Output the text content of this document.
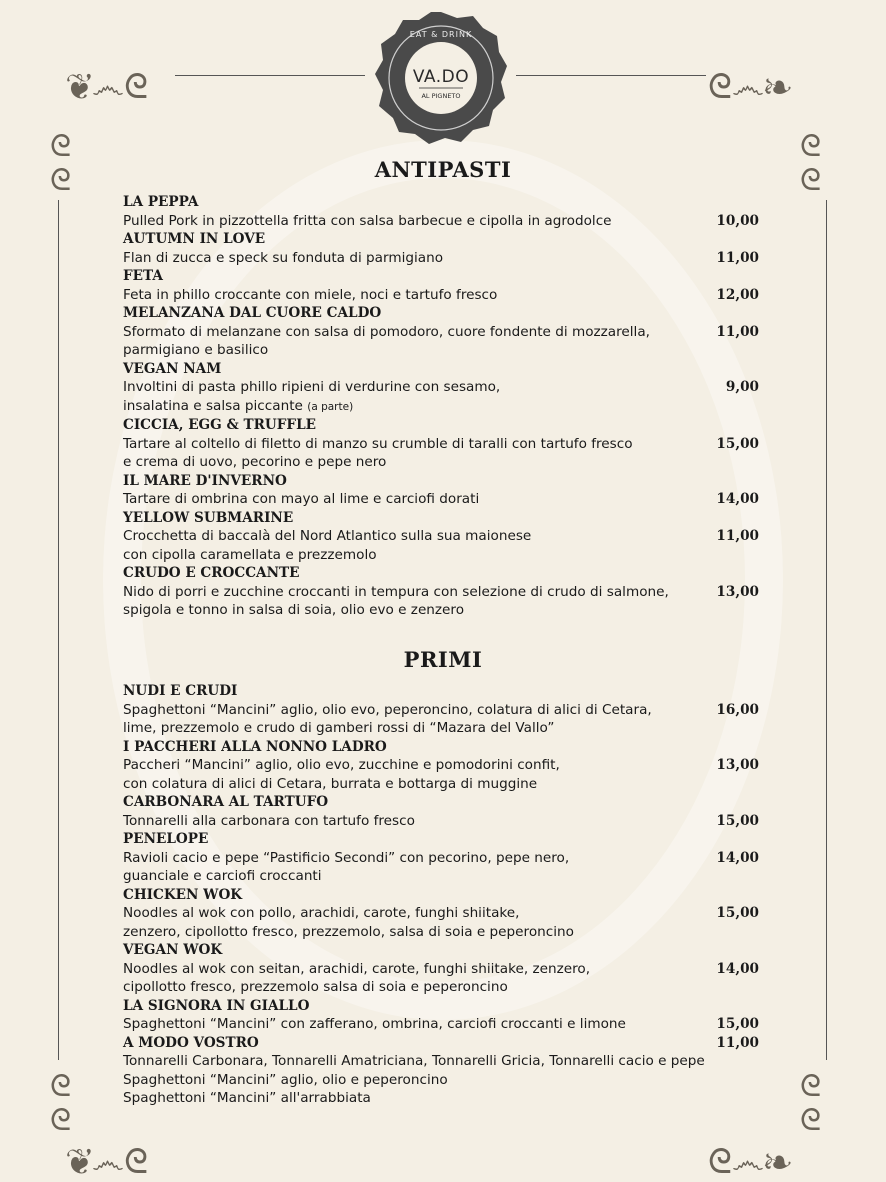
❦෴ᘓ
ᘓ
ᘓ
ᘓ෴❧
ᘓ
ᘓ
❦෴ᘓ
ᘓ
ᘓ
ᘓ෴❧
ᘓ
ᘓ
EAT & DRINK
VA.DO
AL PIGNETO
ANTIPASTI
LA PEPPA
Pulled Pork in pizzottella fritta con salsa barbecue e cipolla in agrodolce	10,00
AUTUMN IN LOVE
Flan di zucca e speck su fonduta di parmigiano	11,00
FETA
Feta in phillo croccante con miele, noci e tartufo fresco	12,00
MELANZANA DAL CUORE CALDO
Sformato di melanzane con salsa di pomodoro, cuore fondente di mozzarella,
parmigiano e basilico
11,00
VEGAN NAM
Involtini di pasta phillo ripieni di verdurine con sesamo,
insalatina e salsa piccante (a parte)
9,00
CICCIA, EGG & TRUFFLE
Tartare al coltello di filetto di manzo su crumble di taralli con tartufo fresco
e crema di uovo, pecorino e pepe nero
15,00
IL MARE D'INVERNO
Tartare di ombrina con mayo al lime e carciofi dorati	14,00
YELLOW SUBMARINE
Crocchetta di baccalà del Nord Atlantico sulla sua maionese
con cipolla caramellata e prezzemolo
11,00
CRUDO E CROCCANTE
Nido di porri e zucchine croccanti in tempura con selezione di crudo di salmone,
spigola e tonno in salsa di soia, olio evo e zenzero
13,00
PRIMI
NUDI E CRUDI
Spaghettoni “Mancini” aglio, olio evo, peperoncino, colatura di alici di Cetara,
lime, prezzemolo e crudo di gamberi rossi di “Mazara del Vallo”
16,00
I PACCHERI ALLA NONNO LADRO
Paccheri “Mancini” aglio, olio evo, zucchine e pomodorini confit,
con colatura di alici di Cetara, burrata e bottarga di muggine
13,00
CARBONARA AL TARTUFO
Tonnarelli alla carbonara con tartufo fresco	15,00
PENELOPE
Ravioli cacio e pepe “Pastificio Secondi” con pecorino, pepe nero,
guanciale e carciofi croccanti
14,00
CHICKEN WOK
Noodles al wok con pollo, arachidi, carote, funghi shiitake,
zenzero, cipollotto fresco, prezzemolo, salsa di soia e peperoncino
15,00
VEGAN WOK
Noodles al wok con seitan, arachidi, carote, funghi shiitake, zenzero,
cipollotto fresco, prezzemolo salsa di soia e peperoncino
14,00
LA SIGNORA IN GIALLO
Spaghettoni “Mancini” con zafferano, ombrina, carciofi croccanti e limone	15,00
A MODO VOSTRO
Tonnarelli Carbonara, Tonnarelli Amatriciana, Tonnarelli Gricia, Tonnarelli cacio e pepe
Spaghettoni “Mancini” aglio, olio e peperoncino
Spaghettoni “Mancini” all'arrabbiata
11,00
